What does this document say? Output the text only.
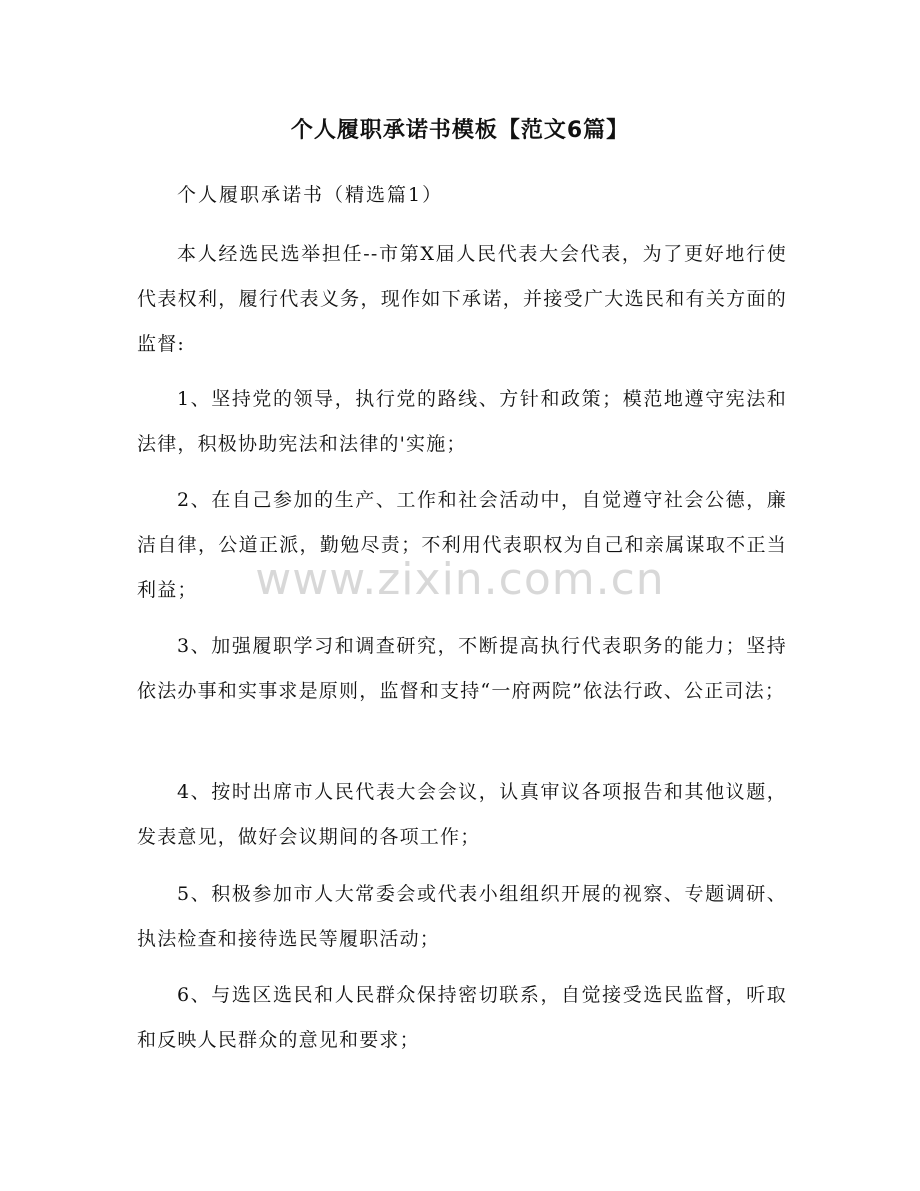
个人履职承诺书模板【范文6篇】

个人履职承诺书（精选篇1）

本人经选民选举担任--市第X届人民代表大会代表，为了更好地行使代表权利，履行代表义务，现作如下承诺，并接受广大选民和有关方面的监督:

1、坚持党的领导，执行党的路线、方针和政策；模范地遵守宪法和法律，积极协助宪法和法律的'实施；

2、在自己参加的生产、工作和社会活动中，自觉遵守社会公德，廉洁自律，公道正派，勤勉尽责；不利用代表职权为自己和亲属谋取不正当利益；

3、加强履职学习和调查研究，不断提高执行代表职务的能力；坚持依法办事和实事求是原则，监督和支持“一府两院”依法行政、公正司法；

4、按时出席市人民代表大会会议，认真审议各项报告和其他议题，发表意见，做好会议期间的各项工作；

5、积极参加市人大常委会或代表小组组织开展的视察、专题调研、执法检查和接待选民等履职活动；

6、与选区选民和人民群众保持密切联系，自觉接受选民监督，听取和反映人民群众的意见和要求；

www.zixin.com.cn
